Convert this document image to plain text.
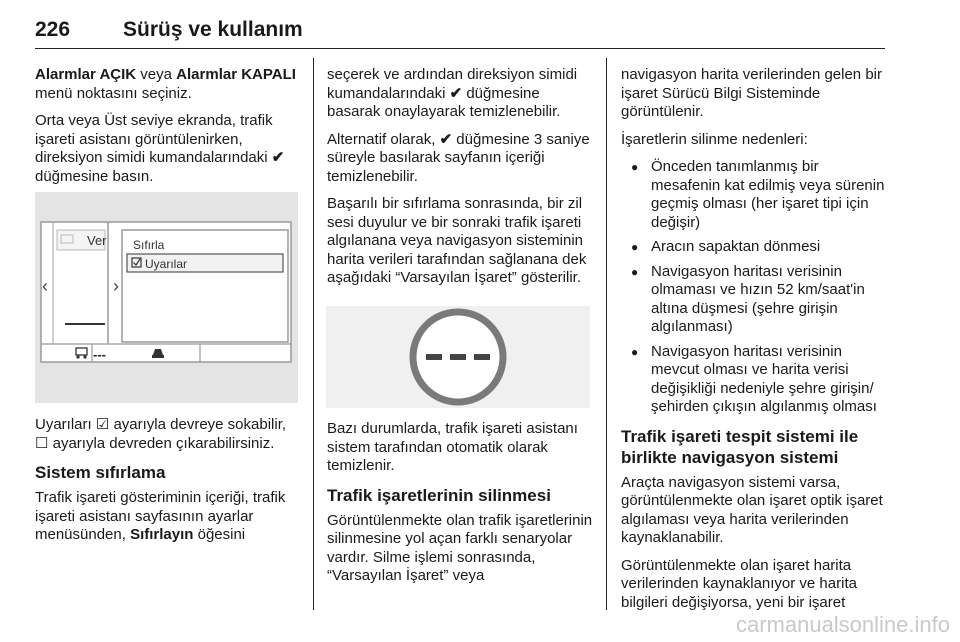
226	Sürüş ve kullanım

Alarmlar AÇIK veya Alarmlar KAPALI menü noktasını seçiniz.

Orta veya Üst seviye ekranda, trafik işareti asistanı görüntülenirken, direksiyon simidi kumandalarındaki ✔ düğmesine basın.

Ver
‹	›
Sıfırla
Uyarılar
---

Uyarıları ☑ ayarıyla devreye sokabilir, ☐ ayarıyla devreden çıkarabilirsiniz.

Sistem sıfırlama

Trafik işareti gösteriminin içeriği, trafik işareti asistanı sayfasının ayarlar menüsünden, Sıfırlayın öğesini

seçerek ve ardından direksiyon simidi kumandalarındaki ✔ düğmesine basarak onaylayarak temizlenebilir.

Alternatif olarak, ✔ düğmesine 3 saniye süreyle basılarak sayfanın içeriği temizlenebilir.

Başarılı bir sıfırlama sonrasında, bir zil sesi duyulur ve bir sonraki trafik işareti algılanana veya navigasyon sisteminin harita verileri tarafından sağlanana dek aşağıdaki “Varsayılan İşaret” gösterilir.

Bazı durumlarda, trafik işareti asistanı sistem tarafından otomatik olarak temizlenir.

Trafik işaretlerinin silinmesi

Görüntülenmekte olan trafik işaretlerinin silinmesine yol açan farklı senaryolar vardır. Silme işlemi sonrasında, “Varsayılan İşaret” veya

navigasyon harita verilerinden gelen bir işaret Sürücü Bilgi Sisteminde görüntülenir.

İşaretlerin silinme nedenleri:

● Önceden tanımlanmış bir mesafenin kat edilmiş veya sürenin geçmiş olması (her işaret tipi için değişir)
● Aracın sapaktan dönmesi
● Navigasyon haritası verisinin olmaması ve hızın 52 km/saat'in altına düşmesi (şehre girişin algılanması)
● Navigasyon haritası verisinin mevcut olması ve harita verisi değişikliği nedeniyle şehre girişin/şehirden çıkışın algılanmış olması
Trafik işareti tespit sistemi ile birlikte navigasyon sistemi

Araçta navigasyon sistemi varsa, görüntülenmekte olan işaret optik işaret algılaması veya harita verilerinden kaynaklanabilir.

Görüntülenmekte olan işaret harita verilerinden kaynaklanıyor ve harita bilgileri değişiyorsa, yeni bir işaret

carmanualsonline.info
